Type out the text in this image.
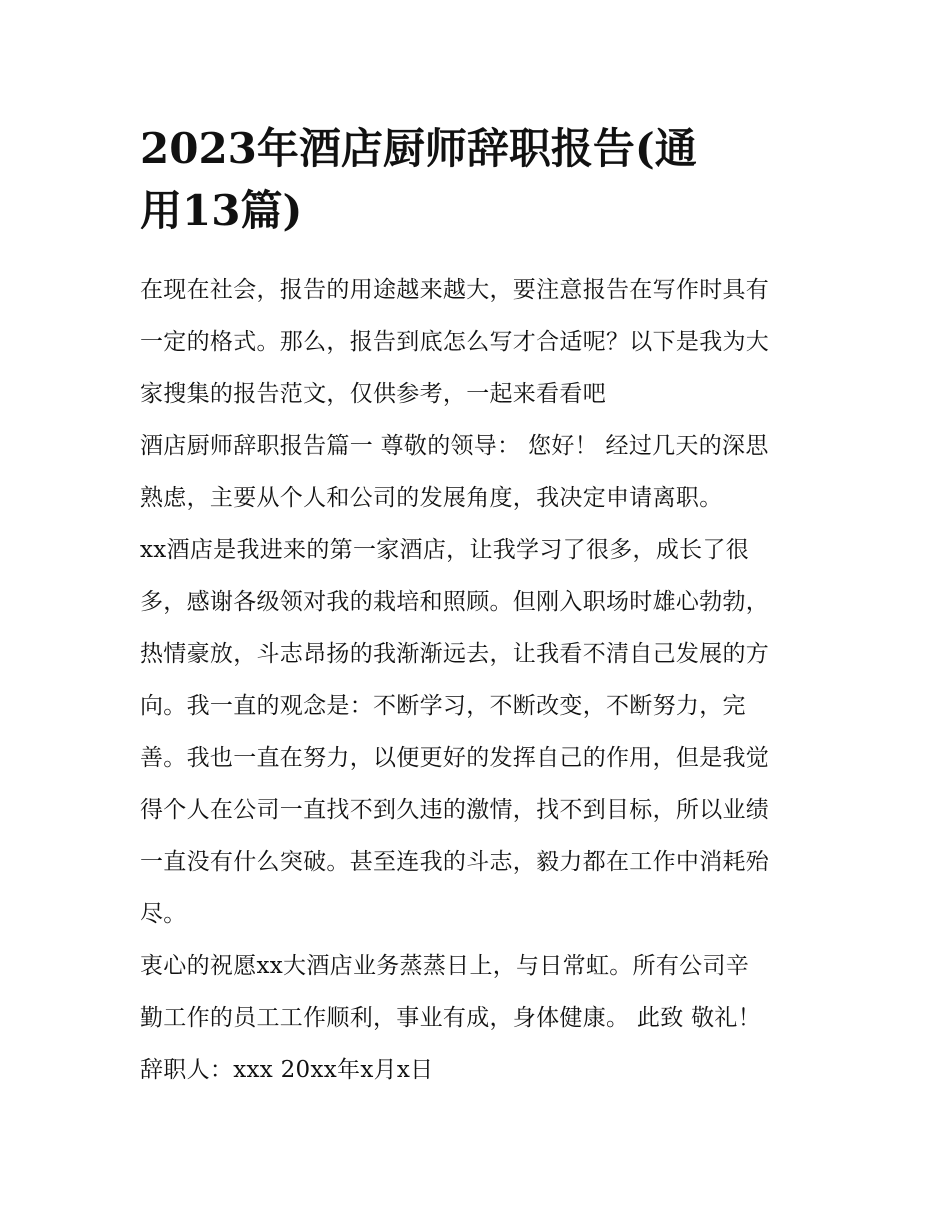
2023年酒店厨师辞职报告(通
用13篇)
在现在社会，报告的用途越来越大，要注意报告在写作时具有
一定的格式。那么，报告到底怎么写才合适呢？以下是我为大
家搜集的报告范文，仅供参考，一起来看看吧
酒店厨师辞职报告篇一 尊敬的领导： 您好！ 经过几天的深思
熟虑，主要从个人和公司的发展角度，我决定申请离职。
xx酒店是我进来的第一家酒店，让我学习了很多，成长了很
多，感谢各级领对我的栽培和照顾。但刚入职场时雄心勃勃，
热情豪放，斗志昂扬的我渐渐远去，让我看不清自己发展的方
向。我一直的观念是：不断学习，不断改变，不断努力，完
善。我也一直在努力，以便更好的发挥自己的作用，但是我觉
得个人在公司一直找不到久违的激情，找不到目标，所以业绩
一直没有什么突破。甚至连我的斗志，毅力都在工作中消耗殆
尽。
衷心的祝愿xx大酒店业务蒸蒸日上，与日常虹。所有公司辛
勤工作的员工工作顺利，事业有成，身体健康。 此致 敬礼！
辞职人：xxx 20xx年x月x日
